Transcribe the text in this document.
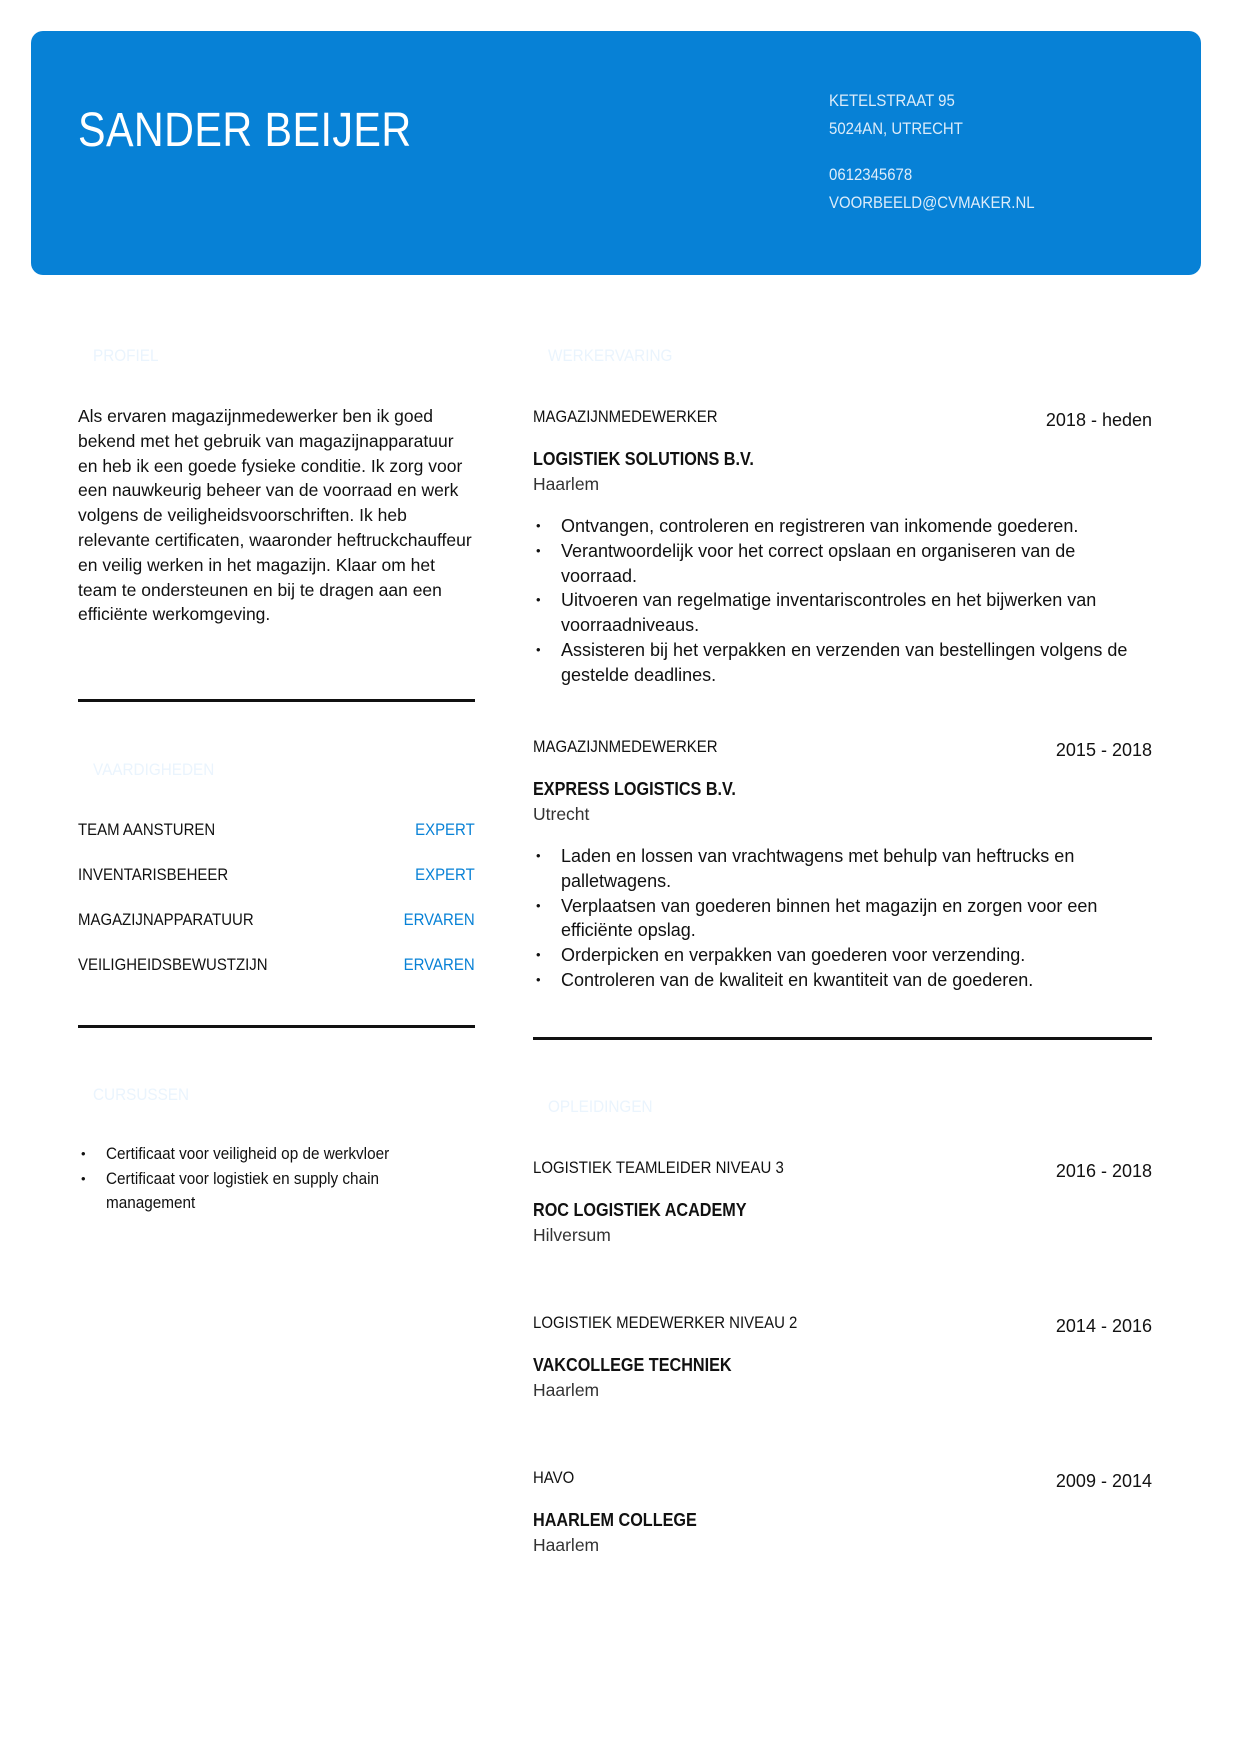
SANDER BEIJER
KETELSTRAAT 95
5024AN, UTRECHT
0612345678
VOORBEELD@CVMAKER.NL
PROFIEL

Als ervaren magazijnmedewerker ben ik goed bekend met het gebruik van magazijnapparatuur en heb ik een goede fysieke conditie. Ik zorg voor een nauwkeurig beheer van de voorraad en werk volgens de veiligheidsvoorschriften. Ik heb relevante certificaten, waaronder heftruckchauffeur en veilig werken in het magazijn. Klaar om het team te ondersteunen en bij te dragen aan een efficiënte werkomgeving.

VAARDIGHEDEN
TEAM AANSTUREN	EXPERT
INVENTARISBEHEER	EXPERT
MAGAZIJNAPPARATUUR	ERVAREN
VEILIGHEIDSBEWUSTZIJN	ERVAREN
CURSUSSEN
• Certificaat voor veiligheid op de werkvloer
• Certificaat voor logistiek en supply chain management
WERKERVARING
MAGAZIJNMEDEWERKER	2018 - heden
LOGISTIEK SOLUTIONS B.V.
Haarlem
• Ontvangen, controleren en registreren van inkomende goederen.
• Verantwoordelijk voor het correct opslaan en organiseren van de voorraad.
• Uitvoeren van regelmatige inventariscontroles en het bijwerken van voorraadniveaus.
• Assisteren bij het verpakken en verzenden van bestellingen volgens de gestelde deadlines.
MAGAZIJNMEDEWERKER	2015 - 2018
EXPRESS LOGISTICS B.V.
Utrecht
• Laden en lossen van vrachtwagens met behulp van heftrucks en palletwagens.
• Verplaatsen van goederen binnen het magazijn en zorgen voor een efficiënte opslag.
• Orderpicken en verpakken van goederen voor verzending.
• Controleren van de kwaliteit en kwantiteit van de goederen.
OPLEIDINGEN
LOGISTIEK TEAMLEIDER NIVEAU 3	2016 - 2018
ROC LOGISTIEK ACADEMY
Hilversum
LOGISTIEK MEDEWERKER NIVEAU 2	2014 - 2016
VAKCOLLEGE TECHNIEK
Haarlem
HAVO	2009 - 2014
HAARLEM COLLEGE
Haarlem
